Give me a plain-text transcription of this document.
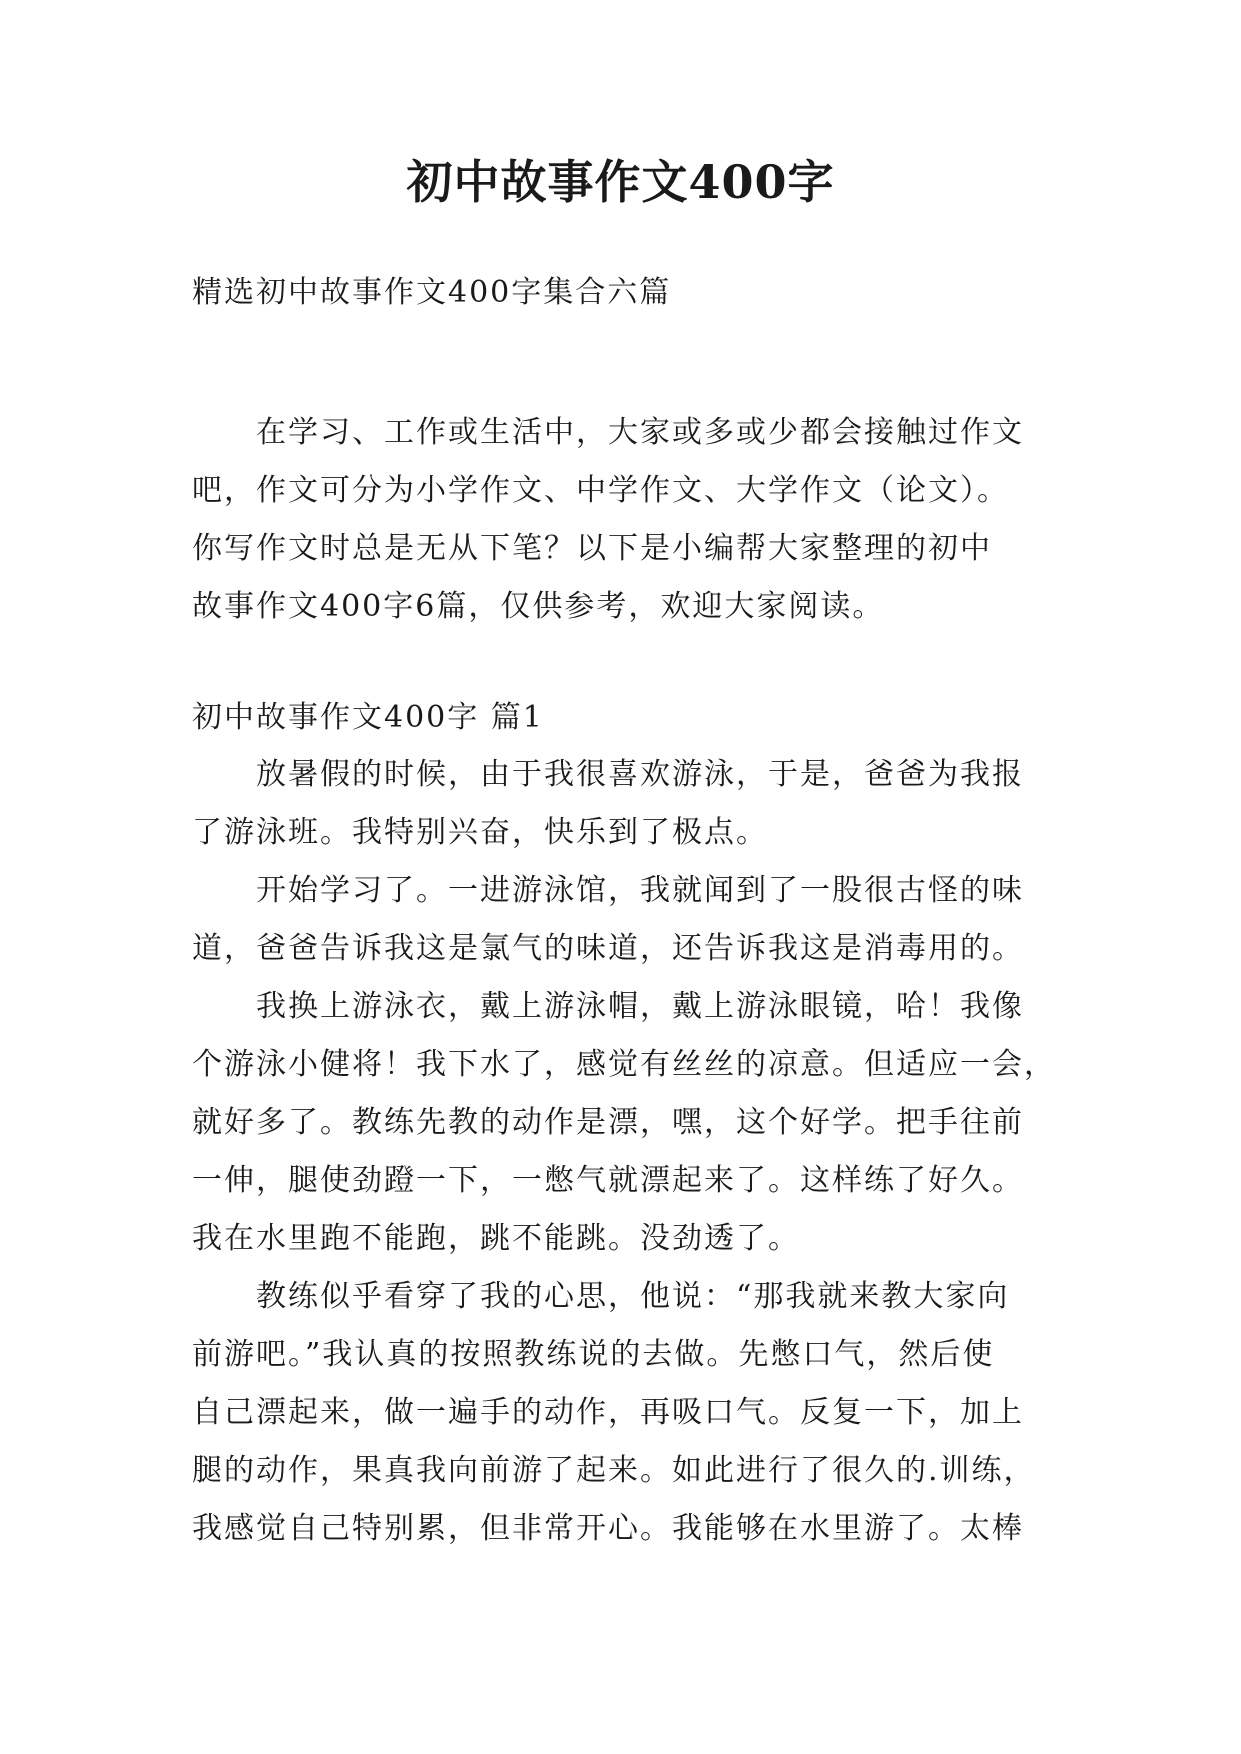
初中故事作文400字
精选初中故事作文400字集合六篇
在学习、工作或生活中，大家或多或少都会接触过作文
吧，作文可分为小学作文、中学作文、大学作文（论文）。
你写作文时总是无从下笔？以下是小编帮大家整理的初中
故事作文400字6篇，仅供参考，欢迎大家阅读。
初中故事作文400字 篇1
放暑假的时候，由于我很喜欢游泳，于是，爸爸为我报
了游泳班。我特别兴奋，快乐到了极点。
开始学习了。一进游泳馆，我就闻到了一股很古怪的味
道，爸爸告诉我这是氯气的味道，还告诉我这是消毒用的。
我换上游泳衣，戴上游泳帽，戴上游泳眼镜，哈！我像
个游泳小健将！我下水了，感觉有丝丝的凉意。但适应一会，
就好多了。教练先教的动作是漂，嘿，这个好学。把手往前
一伸，腿使劲蹬一下，一憋气就漂起来了。这样练了好久。
我在水里跑不能跑，跳不能跳。没劲透了。
教练似乎看穿了我的心思，他说：“那我就来教大家向
前游吧。”我认真的按照教练说的去做。先憋口气，然后使
自己漂起来，做一遍手的动作，再吸口气。反复一下，加上
腿的动作，果真我向前游了起来。如此进行了很久的.训练，
我感觉自己特别累，但非常开心。我能够在水里游了。太棒
